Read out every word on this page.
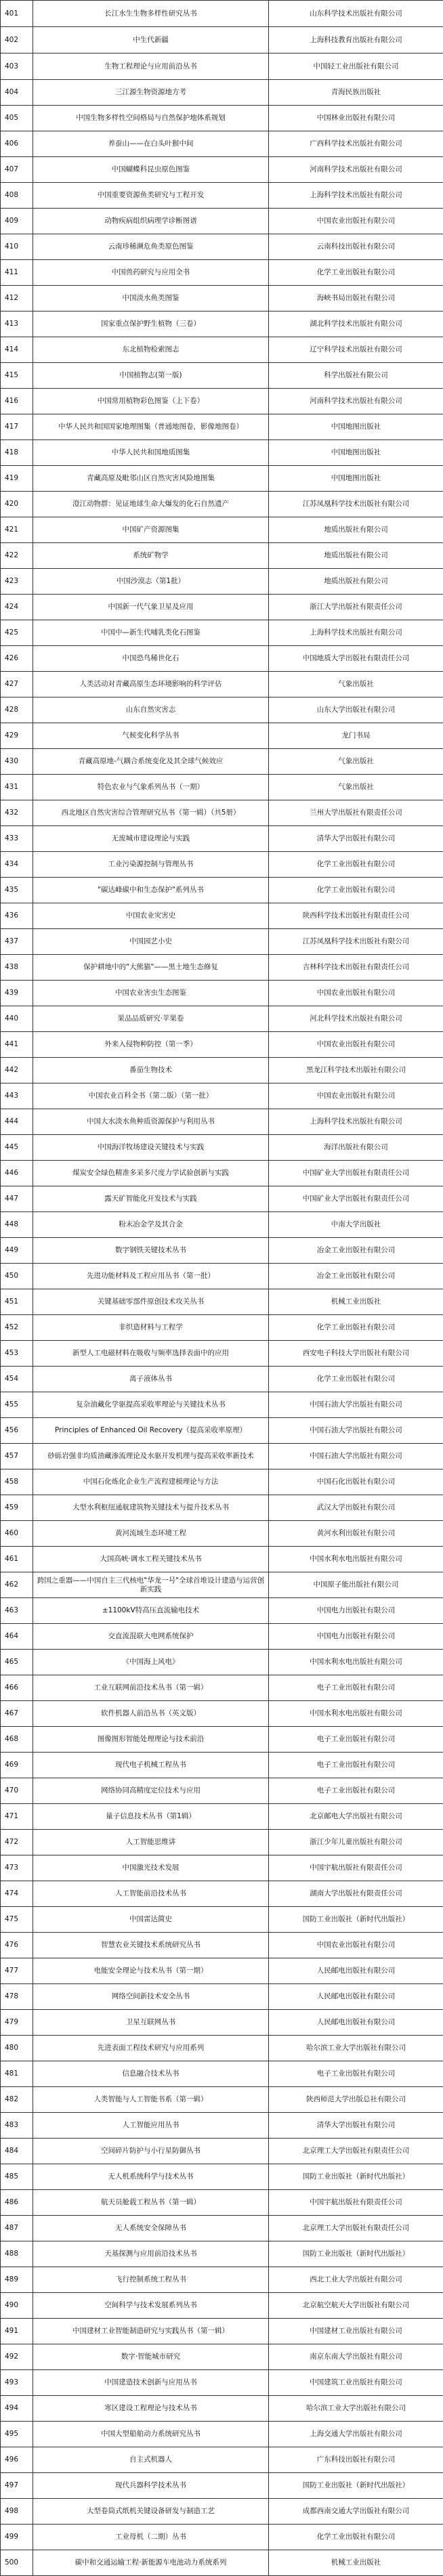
401	长江水生生物多样性研究丛书	山东科学技术出版社有限公司
402	中生代新疆	上海科技教育出版社有限公司
403	生物工程理论与应用前沿丛书	中国轻工业出版社有限公司
404	三江源生物资源地方考	青海民族出版社
405	中国生物多样性空间格局与自然保护地体系规划	中国林业出版社有限公司
406	养蚕山——在白头叶猴中间	广西科学技术出版社有限公司
407	中国蝴蝶科昆虫原色图鉴	河南科学技术出版社有限公司
408	中国重要资源鱼类研究与工程开发	上海科学技术出版社有限公司
409	动物疾病组织病理学诊断图谱	中国农业出版社有限公司
410	云南珍稀濒危鱼类原色图鉴	云南科技出版社有限公司
411	中国兽药研究与应用全书	化学工业出版社有限公司
412	中国淡水鱼类图鉴	海峡书局出版社有限公司
413	国家重点保护野生植物（三卷）	湖北科学技术出版社有限公司
414	东北植物检索图志	辽宁科学技术出版社有限公司
415	中国植物志(第一版)	科学出版社有限公司
416	中国常用植物彩色图鉴（上下卷）	河南科学技术出版社有限公司
417	中华人民共和国国家地理图集（普通地图卷，影像地图卷）	中国地图出版社
418	中华人民共和国地质图集	中国地图出版社
419	青藏高原及毗邻山区自然灾害风险地图集	中国地图出版社
420	澄江动物群：见证地球生命大爆发的化石自然遗产	江苏凤凰科学技术出版社有限公司
421	中国矿产资源图集	地质出版社有限公司
422	系统矿物学	地质出版社有限公司
423	中国沙漠志（第1批）	地质出版社有限公司
424	中国新一代气象卫星及应用	浙江大学出版社有限责任公司
425	中国中—新生代哺乳类化石图鉴	上海科学技术出版社有限公司
426	中国恐鸟稀世化石	中国地质大学出版社有限责任公司
427	人类活动对青藏高原生态环境影响的科学评估	气象出版社
428	山东自然灾害志	山东大学出版社有限公司
429	气候变化科学丛书	龙门书局
430	青藏高原地-气耦合系统变化及其全球气候效应	气象出版社
431	特色农业与气象系列丛书（一期）	气象出版社
432	西北地区自然灾害综合管理研究丛书（第一辑）（共5册）	兰州大学出版社有限责任公司
433	无废城市建设理论与实践	清华大学出版社有限公司
434	工业污染源控制与管理丛书	化学工业出版社有限公司
435	"碳达峰碳中和生态保护"系列丛书	化学工业出版社有限公司
436	中国农业灾害史	陕西科学技术出版社有限责任公司
437	中国园艺小史	江苏凤凰科学技术出版社有限公司
438	保护耕地中的"大熊猫"——黑土地生态修复	吉林科学技术出版社有限责任公司
439	中国农业害虫生态图鉴	中国农业出版社有限公司
440	果品品质研究·苹果卷	河北科学技术出版社有限公司
441	外来入侵物种防控（第一季）	中国农业出版社有限公司
442	番茄生物技术	黑龙江科学技术出版社有限公司
443	中国农业百科全书（第二版）（第一批）	中国农业出版社有限公司
444	中国大水淡水鱼种质资源保护与利用丛书	上海科学技术出版社有限公司
445	中国海洋牧场建设关键技术与实践	海洋出版社有限公司
446	煤炭安全绿色精准多采多尺度力学试验创新与实践	中国矿业大学出版社有限责任公司
447	露天矿智能化开发技术与实践	中国矿业大学出版社有限责任公司
448	粉末冶金学及其合金	中南大学出版社
449	数字钢铁关键技术丛书	冶金工业出版社有限公司
450	先进功能材料及工程应用丛书（第一批）	冶金工业出版社有限公司
451	关键基础零部件原创技术攻关丛书	机械工业出版社
452	非织造材料与工程学	化学工业出版社有限公司
453	新型人工电磁材料在吸收与频率选择表面中的应用	西安电子科技大学出版社有限公司
454	离子液体丛书	化学工业出版社有限公司
455	复杂油藏化学驱提高采收率理论与关键技术丛书	中国石油大学出版社有限公司
456	Principles of Enhanced Oil Recovery（提高采收率原理）	中国石油大学出版社有限公司
457	砂砾岩强非均质油藏渗流理论及水驱开发机理与提高采收率新技术	中国石油大学出版社有限公司
458	中国石化炼化企业生产流程建模理论与方法	中国石化出版社有限公司
459	大型水利枢纽通航建筑物关键技术与提升技术丛书	武汉大学出版社有限公司
460	黄河流域生态环境工程	黄河水利出版社有限公司
461	大国高峡·调水工程关键技术丛书	中国水利水电出版社有限公司
462	跨国之重器——中国自主三代核电"华龙一号"全球首堆设计建造与运营创新实践	中国原子能出版社有限公司
463	±1100kV特高压直流输电技术	中国电力出版社有限公司
464	交直流混联大电网系统保护	中国电力出版社有限公司
465	《中国海上风电》	中国水利水电出版社有限公司
466	工业互联网前沿技术丛书（第一辑）	电子工业出版社有限公司
467	软件机器人前沿丛书（英文版）	中国水利水电出版社有限公司
468	图像图形智能处理理论与技术前沿	电子工业出版社有限公司
469	现代电子机械工程丛书	电子工业出版社有限公司
470	网络协同高精度定位技术与应用	电子工业出版社有限公司
471	量子信息技术丛书（第1辑）	北京邮电大学出版社有限公司
472	人工智能思维讲	浙江少年儿童出版社有限公司
473	中国激光技术发展	中国宇航出版社有限责任公司
474	人工智能前沿技术丛书	湖南大学出版社有限责任公司
475	中国雷达简史	国防工业出版社（新时代出版社）
476	智慧农业关键技术系统研究丛书	中国农业出版社有限公司
477	电能安全理论与技术丛书（第一期）	人民邮电出版社有限公司
478	网络空间新技术安全丛书	人民邮电出版社有限公司
479	卫星互联网丛书	人民邮电出版社有限公司
480	先进表面工程技术研究与应用系列	哈尔滨工业大学出版社有限公司
481	信息融合技术丛书	电子工业出版社有限公司
482	人类智能与人工智能书系（第一辑）	陕西师范大学出版总社有限公司
483	人工智能应用丛书	清华大学出版社有限公司
484	空间碎片防护与小行星防御丛书	北京理工大学出版社有限责任公司
485	无人机系统科学与技术丛书	国防工业出版社（新时代出版社）
486	航天员舱载工程丛书（第一辑）	中国宇航出版社有限责任公司
487	无人系统安全保障丛书	北京理工大学出版社有限责任公司
488	天基探测与应用前沿技术丛书	国防工业出版社（新时代出版社）
489	飞行控制系统工程丛书	西北工业大学出版社有限公司
490	空间科学与技术发展系列丛书	北京航空航天大学出版社有限公司
491	中国建材工业智能制造研究与实践丛书（第一辑）	中国建材工业出版社有限公司
492	数字·智能城市研究	南京东南大学出版社有限公司
493	中国建造技术创新与应用丛书	中国建筑工业出版社有限公司
494	寒区建设工程理论与技术丛书	哈尔滨工业大学出版社有限公司
495	中国大型船舶动力系统研究丛书	上海交通大学出版社有限公司
496	自主式机器人	广东科技出版社有限公司
497	现代兵器科学技术丛书	国防工业出版社（新时代出版社）
498	大型卷筒式纸机关键设备研发与制造工艺	成都西南交通大学出版社有限公司
499	工业母机（二期）丛书	化学工业出版社有限公司
500	碳中和交通运输工程·新能源车电池动力系统系列	机械工业出版社
